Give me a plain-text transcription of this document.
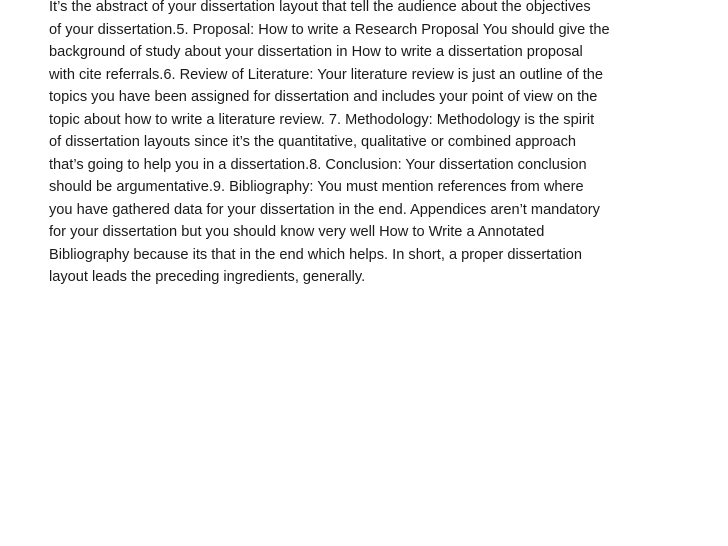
It’s the abstract of your dissertation layout that tell the audience about the objectives
of your dissertation.5. Proposal: How to write a Research Proposal You should give the
background of study about your dissertation in How to write a dissertation proposal
with cite referrals.6. Review of Literature: Your literature review is just an outline of the
topics you have been assigned for dissertation and includes your point of view on the
topic about how to write a literature review. 7. Methodology: Methodology is the spirit
of dissertation layouts since it’s the quantitative, qualitative or combined approach
that’s going to help you in a dissertation.8. Conclusion: Your dissertation conclusion
should be argumentative.9. Bibliography: You must mention references from where
you have gathered data for your dissertation in the end. Appendices aren’t mandatory
for your dissertation but you should know very well How to Write a Annotated
Bibliography because its that in the end which helps. In short, a proper dissertation
layout leads the preceding ingredients, generally.
